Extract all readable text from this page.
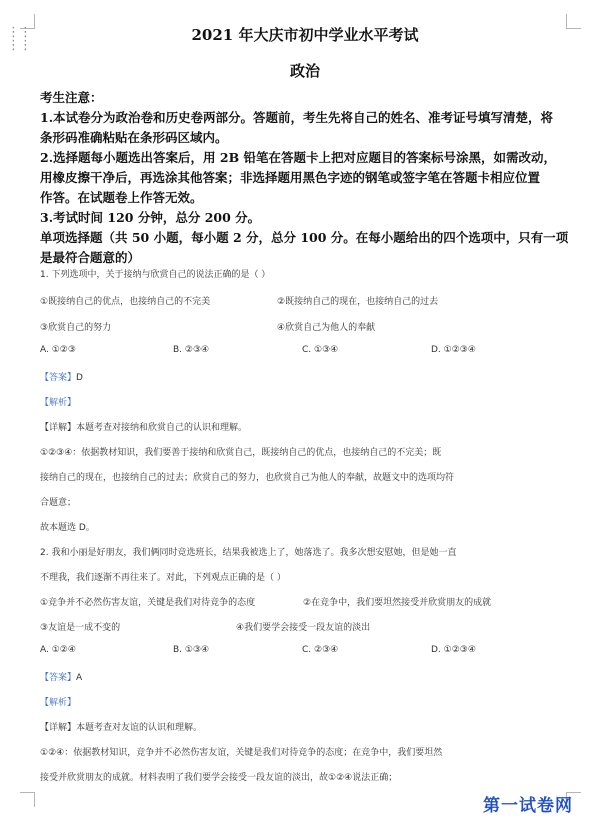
⋮⋮
⋮⋮
2021 年大庆市初中学业水平考试
政治
考生注意：
1.本试卷分为政治卷和历史卷两部分。答题前，考生先将自己的姓名、准考证号填写清楚，将
条形码准确粘贴在条形码区域内。
2.选择题每小题选出答案后，用 2B 铅笔在答题卡上把对应题目的答案标号涂黑，如需改动，
用橡皮擦干净后，再选涂其他答案；非选择题用黑色字迹的钢笔或签字笔在答题卡相应位置
作答。在试题卷上作答无效。
3.考试时间 120 分钟，总分 200 分。
单项选择题（共 50 小题，每小题 2 分，总分 100 分。在每小题给出的四个选项中，只有一项
是最符合题意的）
1. 下列选项中，关于接纳与欣赏自己的说法正确的是（ ）
①既接纳自己的优点，也接纳自己的不完美	②既接纳自己的现在，也接纳自己的过去
③欣赏自己的努力	④欣赏自己为他人的奉献
A. ①②③	B. ②③④	C. ①③④	D. ①②③④
【答案】D
【解析】
【详解】本题考查对接纳和欣赏自己的认识和理解。
①②③④：依据教材知识，我们要善于接纳和欣赏自己，既接纳自己的优点，也接纳自己的不完美；既
接纳自己的现在，也接纳自己的过去；欣赏自己的努力，也欣赏自己为他人的奉献，故题文中的选项均符
合题意；
故本题选 D。
2. 我和小丽是好朋友，我们俩同时竞选班长，结果我被选上了，她落选了。我多次想安慰她，但是她一直
不理我，我们逐渐不再往来了。对此，下列观点正确的是（ ）
①竞争并不必然伤害友谊，关键是我们对待竞争的态度	②在竞争中，我们要坦然接受并欣赏朋友的成就
③友谊是一成不变的	④我们要学会接受一段友谊的淡出
A. ①②④	B. ①③④	C. ②③④	D. ①②③④
【答案】A
【解析】
【详解】本题考查对友谊的认识和理解。
①②④：依据教材知识，竞争并不必然伤害友谊，关键是我们对待竞争的态度；在竞争中，我们要坦然
接受并欣赏朋友的成就。材料表明了我们要学会接受一段友谊的淡出，故①②④说法正确；
第一试卷网
